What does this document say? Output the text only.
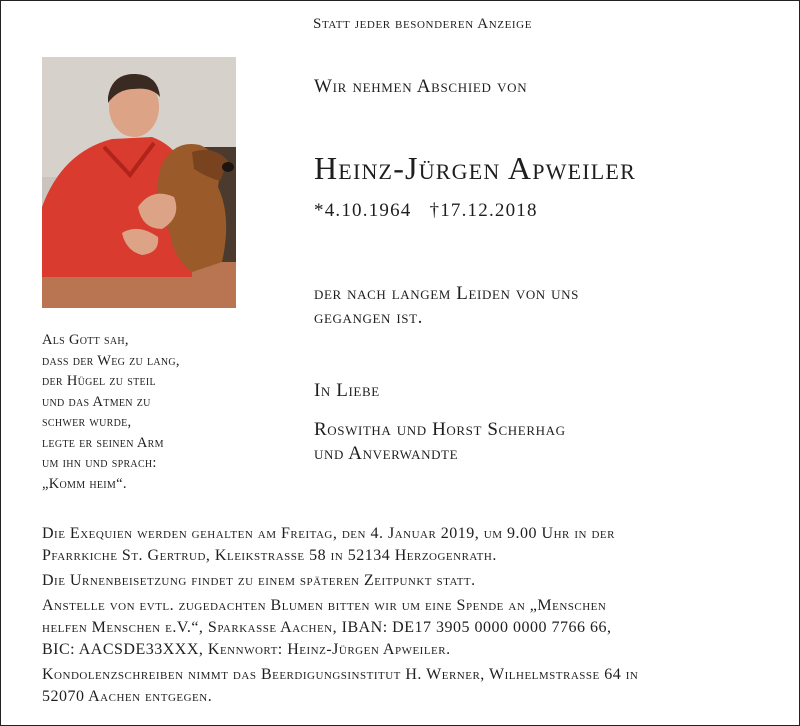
Statt jeder besonderen Anzeige
Wir nehmen Abschied von
Heinz-Jürgen Apweiler
*4.10.1964 †17.12.2018
der nach langem Leiden von uns
gegangen ist.
In Liebe
Roswitha und Horst Scherhag
und Anverwandte
Als Gott sah,
dass der Weg zu lang,
der Hügel zu steil
und das Atmen zu
schwer wurde,
legte er seinen Arm
um ihn und sprach:
„Komm heim“.

Die Exequien werden gehalten am Freitag, den 4. Januar 2019, um 9.00 Uhr in der
Pfarrkiche St. Gertrud, Kleikstrasse 58 in 52134 Herzogenrath.

Die Urnenbeisetzung findet zu einem späteren Zeitpunkt statt.

Anstelle von evtl. zugedachten Blumen bitten wir um eine Spende an „Menschen
helfen Menschen e.V.“, Sparkasse Aachen, IBAN: DE17 3905 0000 0000 7766 66,
BIC: AACSDE33XXX, Kennwort: Heinz-Jürgen Apweiler.

Kondolenzschreiben nimmt das Beerdigungsinstitut H. Werner, Wilhelmstrasse 64 in
52070 Aachen entgegen.
